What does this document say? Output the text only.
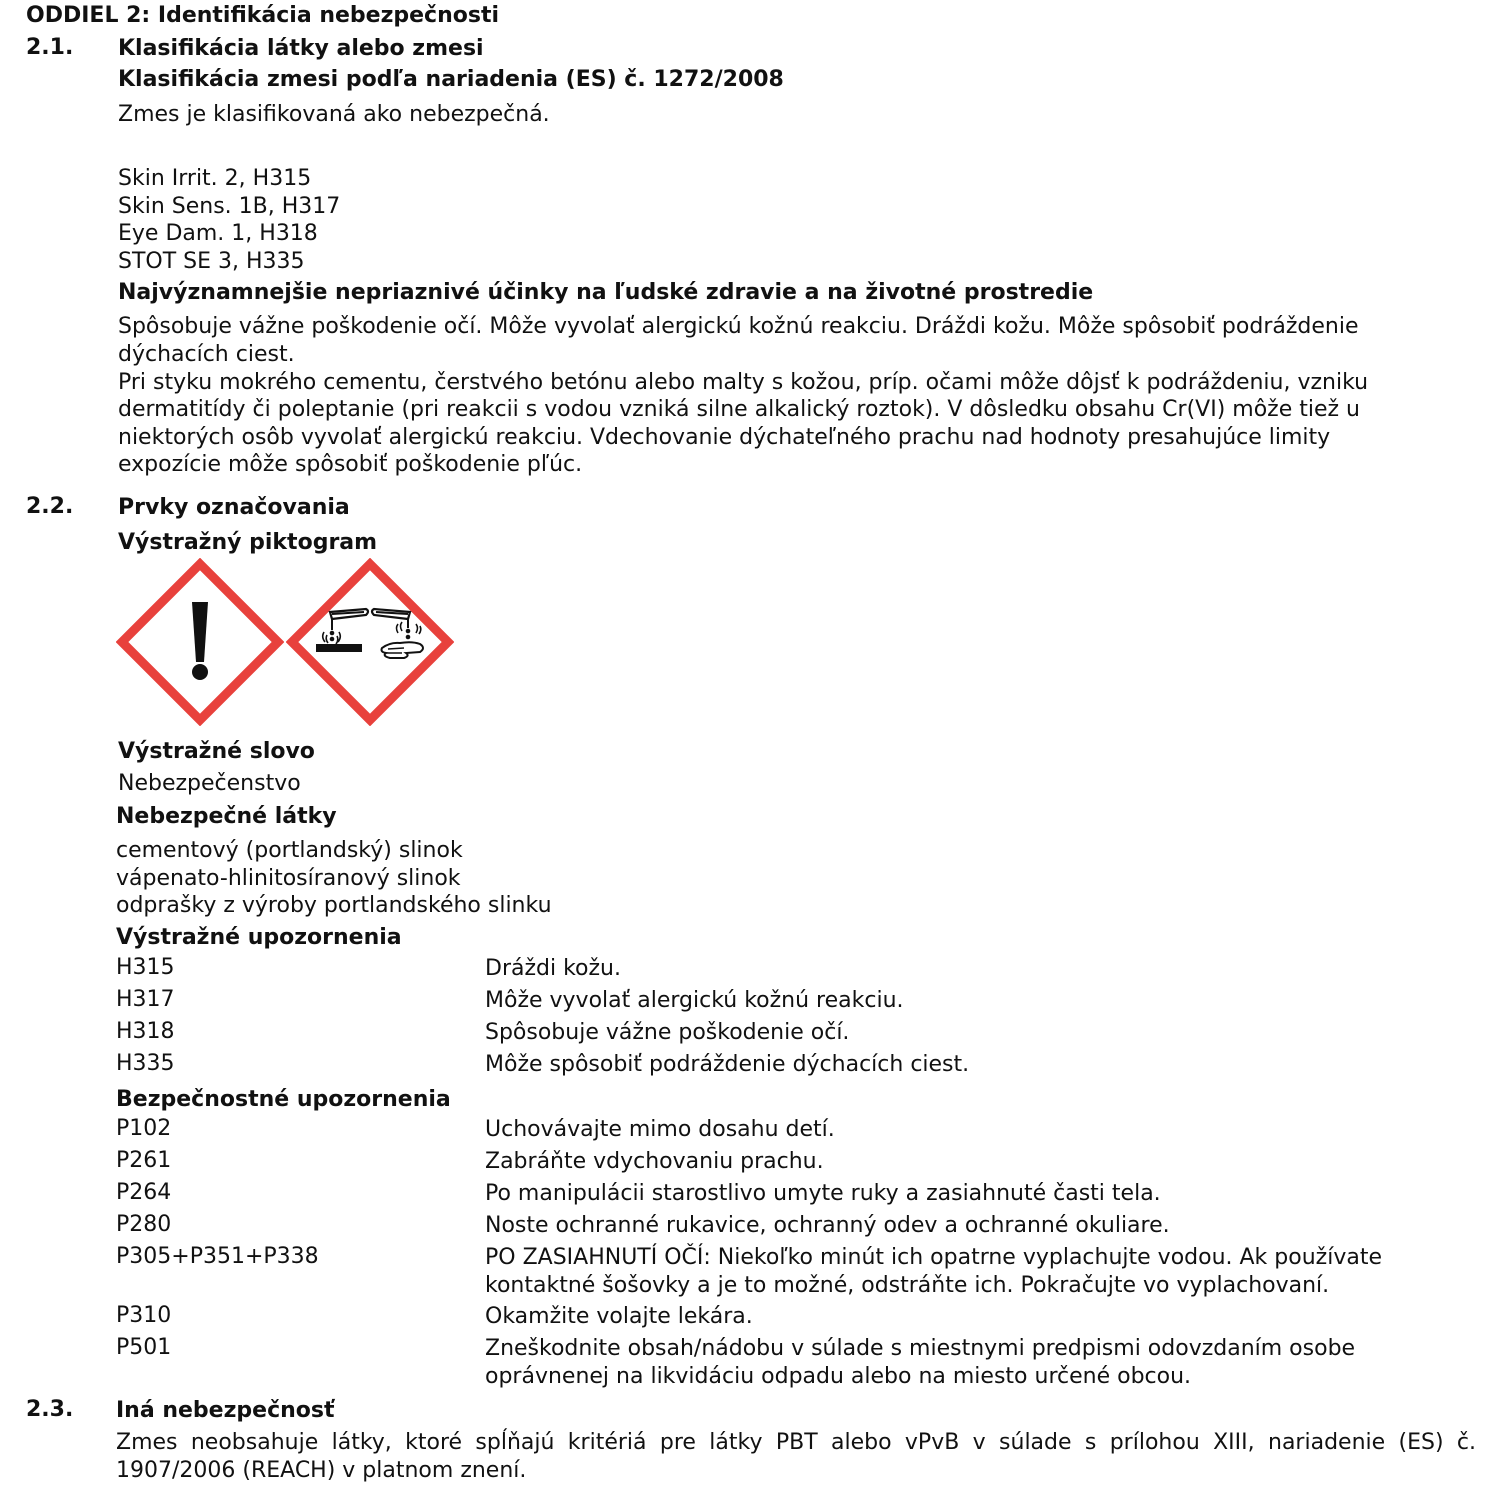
ODDIEL 2: Identifikácia nebezpečnosti
2.1. Klasifikácia látky alebo zmesi
Klasifikácia zmesi podľa nariadenia (ES) č. 1272/2008
Zmes je klasifikovaná ako nebezpečná.
Skin Irrit. 2, H315
Skin Sens. 1B, H317
Eye Dam. 1, H318
STOT SE 3, H335
Najvýznamnejšie nepriaznivé účinky na ľudské zdravie a na životné prostredie
Spôsobuje vážne poškodenie očí. Môže vyvolať alergickú kožnú reakciu. Dráždi kožu. Môže spôsobiť podráždenie dýchacích ciest.
Pri styku mokrého cementu, čerstvého betónu alebo malty s kožou, príp. očami môže dôjsť k podráždeniu, vzniku dermatitídy či poleptanie (pri reakcii s vodou vzniká silne alkalický roztok). V dôsledku obsahu Cr(VI) môže tiež u niektorých osôb vyvolať alergickú reakciu. Vdechovanie dýchateľného prachu nad hodnoty presahujúce limity expozície môže spôsobiť poškodenie pľúc.
2.2. Prvky označovania
Výstražný piktogram
Výstražné slovo
Nebezpečenstvo
Nebezpečné látky
cementový (portlandský) slinok
vápenato-hlinitosíranový slinok
odprašky z výroby portlandského slinku
Výstražné upozornenia
H315	Dráždi kožu.
H317	Môže vyvolať alergickú kožnú reakciu.
H318	Spôsobuje vážne poškodenie očí.
H335	Môže spôsobiť podráždenie dýchacích ciest.
Bezpečnostné upozornenia
P102	Uchovávajte mimo dosahu detí.
P261	Zabráňte vdychovaniu prachu.
P264	Po manipulácii starostlivo umyte ruky a zasiahnuté časti tela.
P280	Noste ochranné rukavice, ochranný odev a ochranné okuliare.
P305+P351+P338	PO ZASIAHNUTÍ OČÍ: Niekoľko minút ich opatrne vyplachujte vodou. Ak používate kontaktné šošovky a je to možné, odstráňte ich. Pokračujte vo vyplachovaní.
P310	Okamžite volajte lekára.
P501	Zneškodnite obsah/nádobu v súlade s miestnymi predpismi odovzdaním osobe oprávnenej na likvidáciu odpadu alebo na miesto určené obcou.
2.3. Iná nebezpečnosť
Zmes neobsahuje látky, ktoré spĺňajú kritériá pre látky PBT alebo vPvB v súlade s prílohou XIII, nariadenie (ES) č. 1907/2006 (REACH) v platnom znení.
